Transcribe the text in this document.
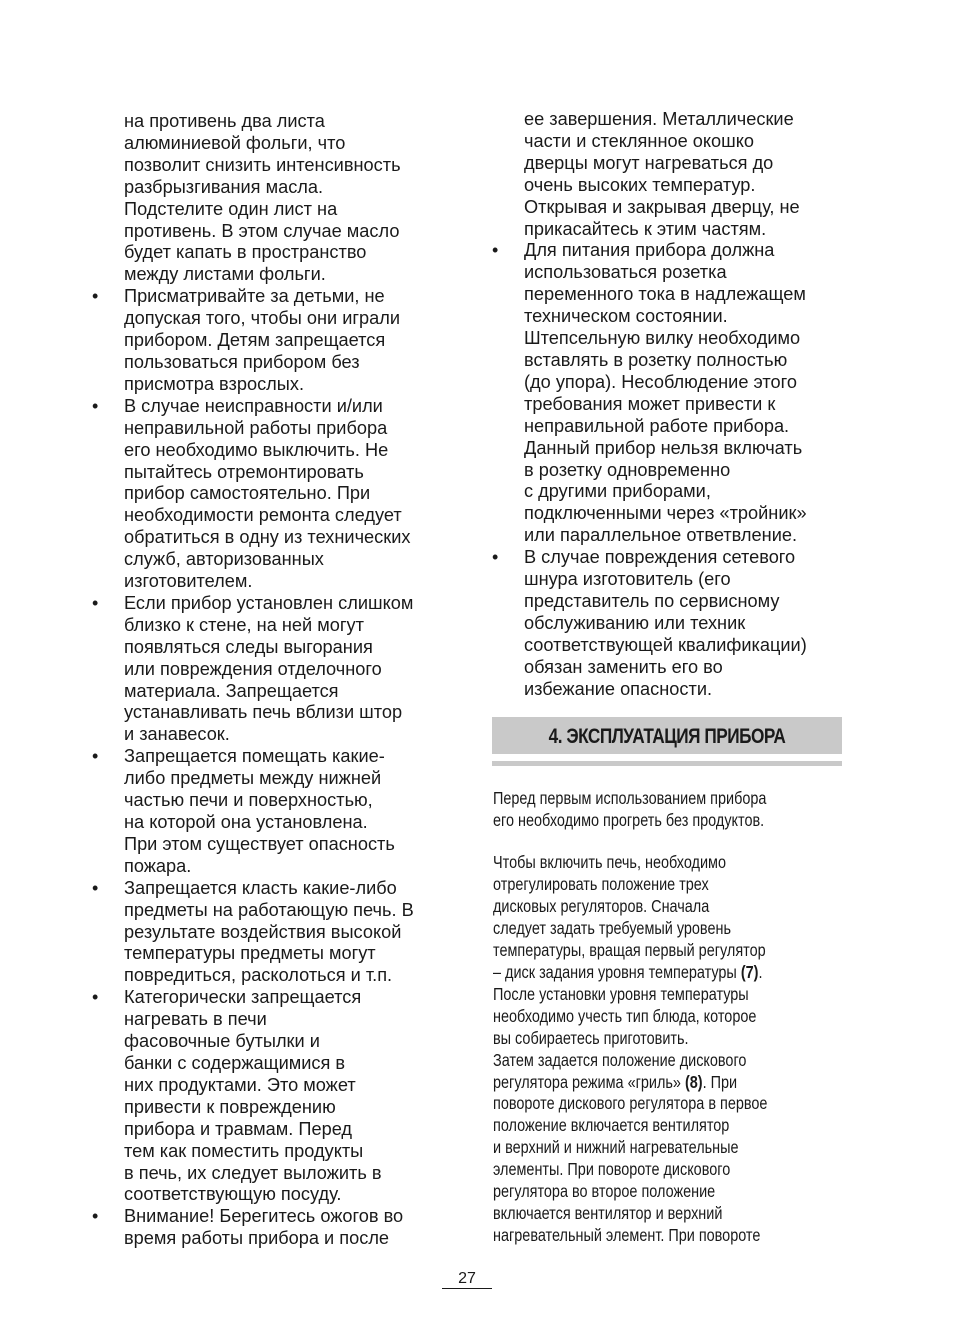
на противень два листа
алюминиевой фольги, что
позволит снизить интенсивность
разбрызгивания масла.
Подстелите один лист на
противень. В этом случае масло
будет капать в пространство
между листами фольги.
• Присматривайте за детьми, не
допуская того, чтобы они играли
прибором. Детям запрещается
пользоваться прибором без
присмотра взрослых.
• В случае неисправности и/или
неправильной работы прибора
его необходимо выключить. Не
пытайтесь отремонтировать
прибор самостоятельно. При
необходимости ремонта следует
обратиться в одну из технических
служб, авторизованных
изготовителем.
• Если прибор установлен слишком
близко к стене, на ней могут
появляться следы выгорания
или повреждения отделочного
материала. Запрещается
устанавливать печь вблизи штор
и занавесок.
• Запрещается помещать какие-
либо предметы между нижней
частью печи и поверхностью,
на которой она установлена.
При этом существует опасность
пожара.
• Запрещается класть какие-либо
предметы на работающую печь. В
результате воздействия высокой
температуры предметы могут
повредиться, расколоться и т.п.
• Категорически запрещается
нагревать в печи
фасовочные бутылки и
банки с содержащимися в
них продуктами. Это может
привести к повреждению
прибора и травмам. Перед
тем как поместить продукты
в печь, их следует выложить в
соответствующую посуду.
• Внимание! Берегитесь ожогов во
время работы прибора и после
ее завершения. Металлические
части и стеклянное окошко
дверцы могут нагреваться до
очень высоких температур.
Открывая и закрывая дверцу, не
прикасайтесь к этим частям.
• Для питания прибора должна
использоваться розетка
переменного тока в надлежащем
техническом состоянии.
Штепсельную вилку необходимо
вставлять в розетку полностью
(до упора). Несоблюдение этого
требования может привести к
неправильной работе прибора.
Данный прибор нельзя включать
в розетку одновременно
с другими приборами,
подключенными через «тройник»
или параллельное ответвление.
• В случае повреждения сетевого
шнура изготовитель (его
представитель по сервисному
обслуживанию или техник
соответствующей квалификации)
обязан заменить его во
избежание опасности.
4. ЭКСПЛУАТАЦИЯ ПРИБОРА
Перед первым использованием прибора
его необходимо прогреть без продуктов.
Чтобы включить печь, необходимо
отрегулировать положение трех
дисковых регуляторов. Сначала
следует задать требуемый уровень
температуры, вращая первый регулятор
– диск задания уровня температуры (7).
После установки уровня температуры
необходимо учесть тип блюда, которое
вы собираетесь приготовить.
Затем задается положение дискового
регулятора режима «гриль» (8). При
повороте дискового регулятора в первое
положение включается вентилятор
и верхний и нижний нагревательные
элементы. При повороте дискового
регулятора во второе положение
включается вентилятор и верхний
нагревательный элемент. При повороте
27
